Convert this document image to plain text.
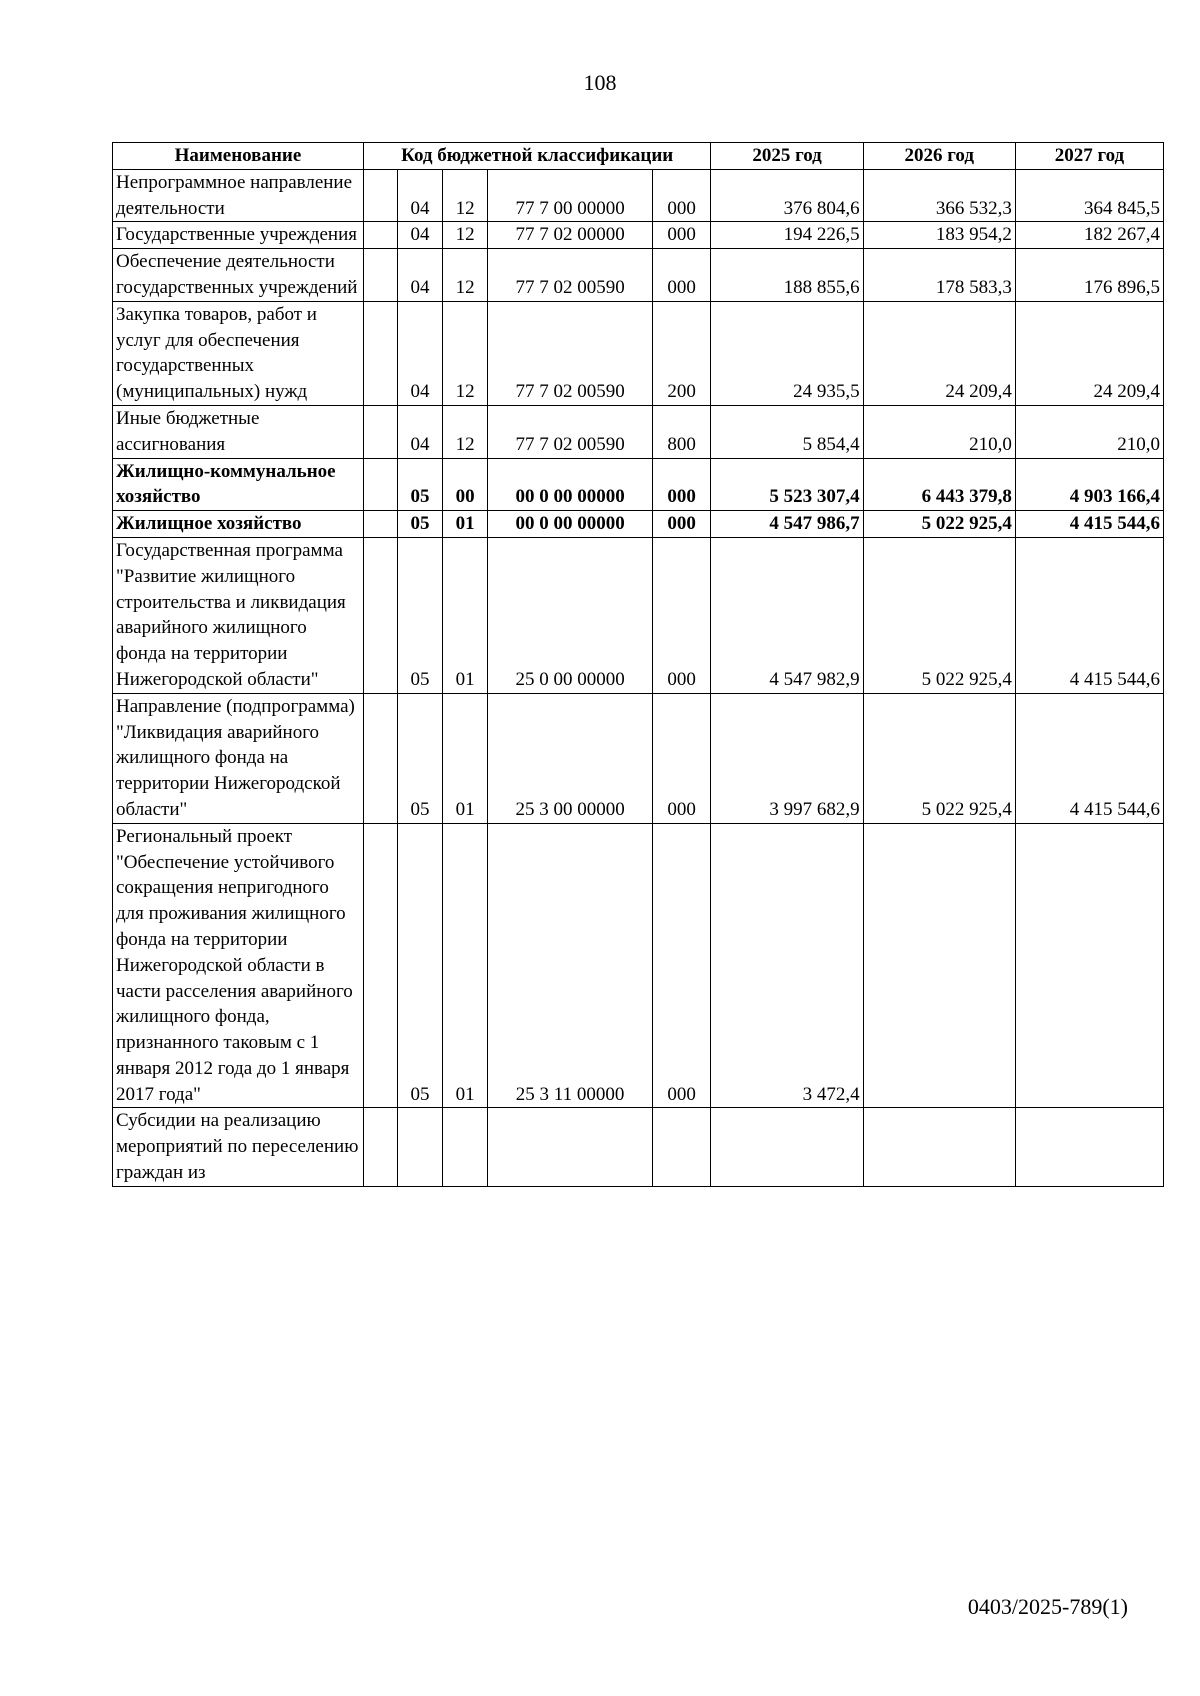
108
Наименование	Код бюджетной классификации					2025 год	2026 год	2027 год
Непрограммное направление деятельности		04	12	77 7 00 00000	000	376 804,6	366 532,3	364 845,5
Государственные учреждения		04	12	77 7 02 00000	000	194 226,5	183 954,2	182 267,4
Обеспечение деятельности государственных учреждений		04	12	77 7 02 00590	000	188 855,6	178 583,3	176 896,5
Закупка товаров, работ и услуг для обеспечения государственных (муниципальных) нужд		04	12	77 7 02 00590	200	24 935,5	24 209,4	24 209,4
Иные бюджетные ассигнования		04	12	77 7 02 00590	800	5 854,4	210,0	210,0
Жилищно-коммунальное хозяйство		05	00	00 0 00 00000	000	5 523 307,4	6 443 379,8	4 903 166,4
Жилищное хозяйство		05	01	00 0 00 00000	000	4 547 986,7	5 022 925,4	4 415 544,6
Государственная программа "Развитие жилищного строительства и ликвидация аварийного жилищного фонда на территории Нижегородской области"		05	01	25 0 00 00000	000	4 547 982,9	5 022 925,4	4 415 544,6
Направление (подпрограмма) "Ликвидация аварийного жилищного фонда на территории Нижегородской области"		05	01	25 3 00 00000	000	3 997 682,9	5 022 925,4	4 415 544,6
Региональный проект "Обеспечение устойчивого сокращения непригодного для проживания жилищного фонда на территории Нижегородской области в части расселения аварийного жилищного фонда, признанного таковым с 1 января 2012 года до 1 января 2017 года"		05	01	25 3 11 00000	000	3 472,4		
Субсидии на реализацию мероприятий по переселению граждан из								
0403/2025-789(1)
